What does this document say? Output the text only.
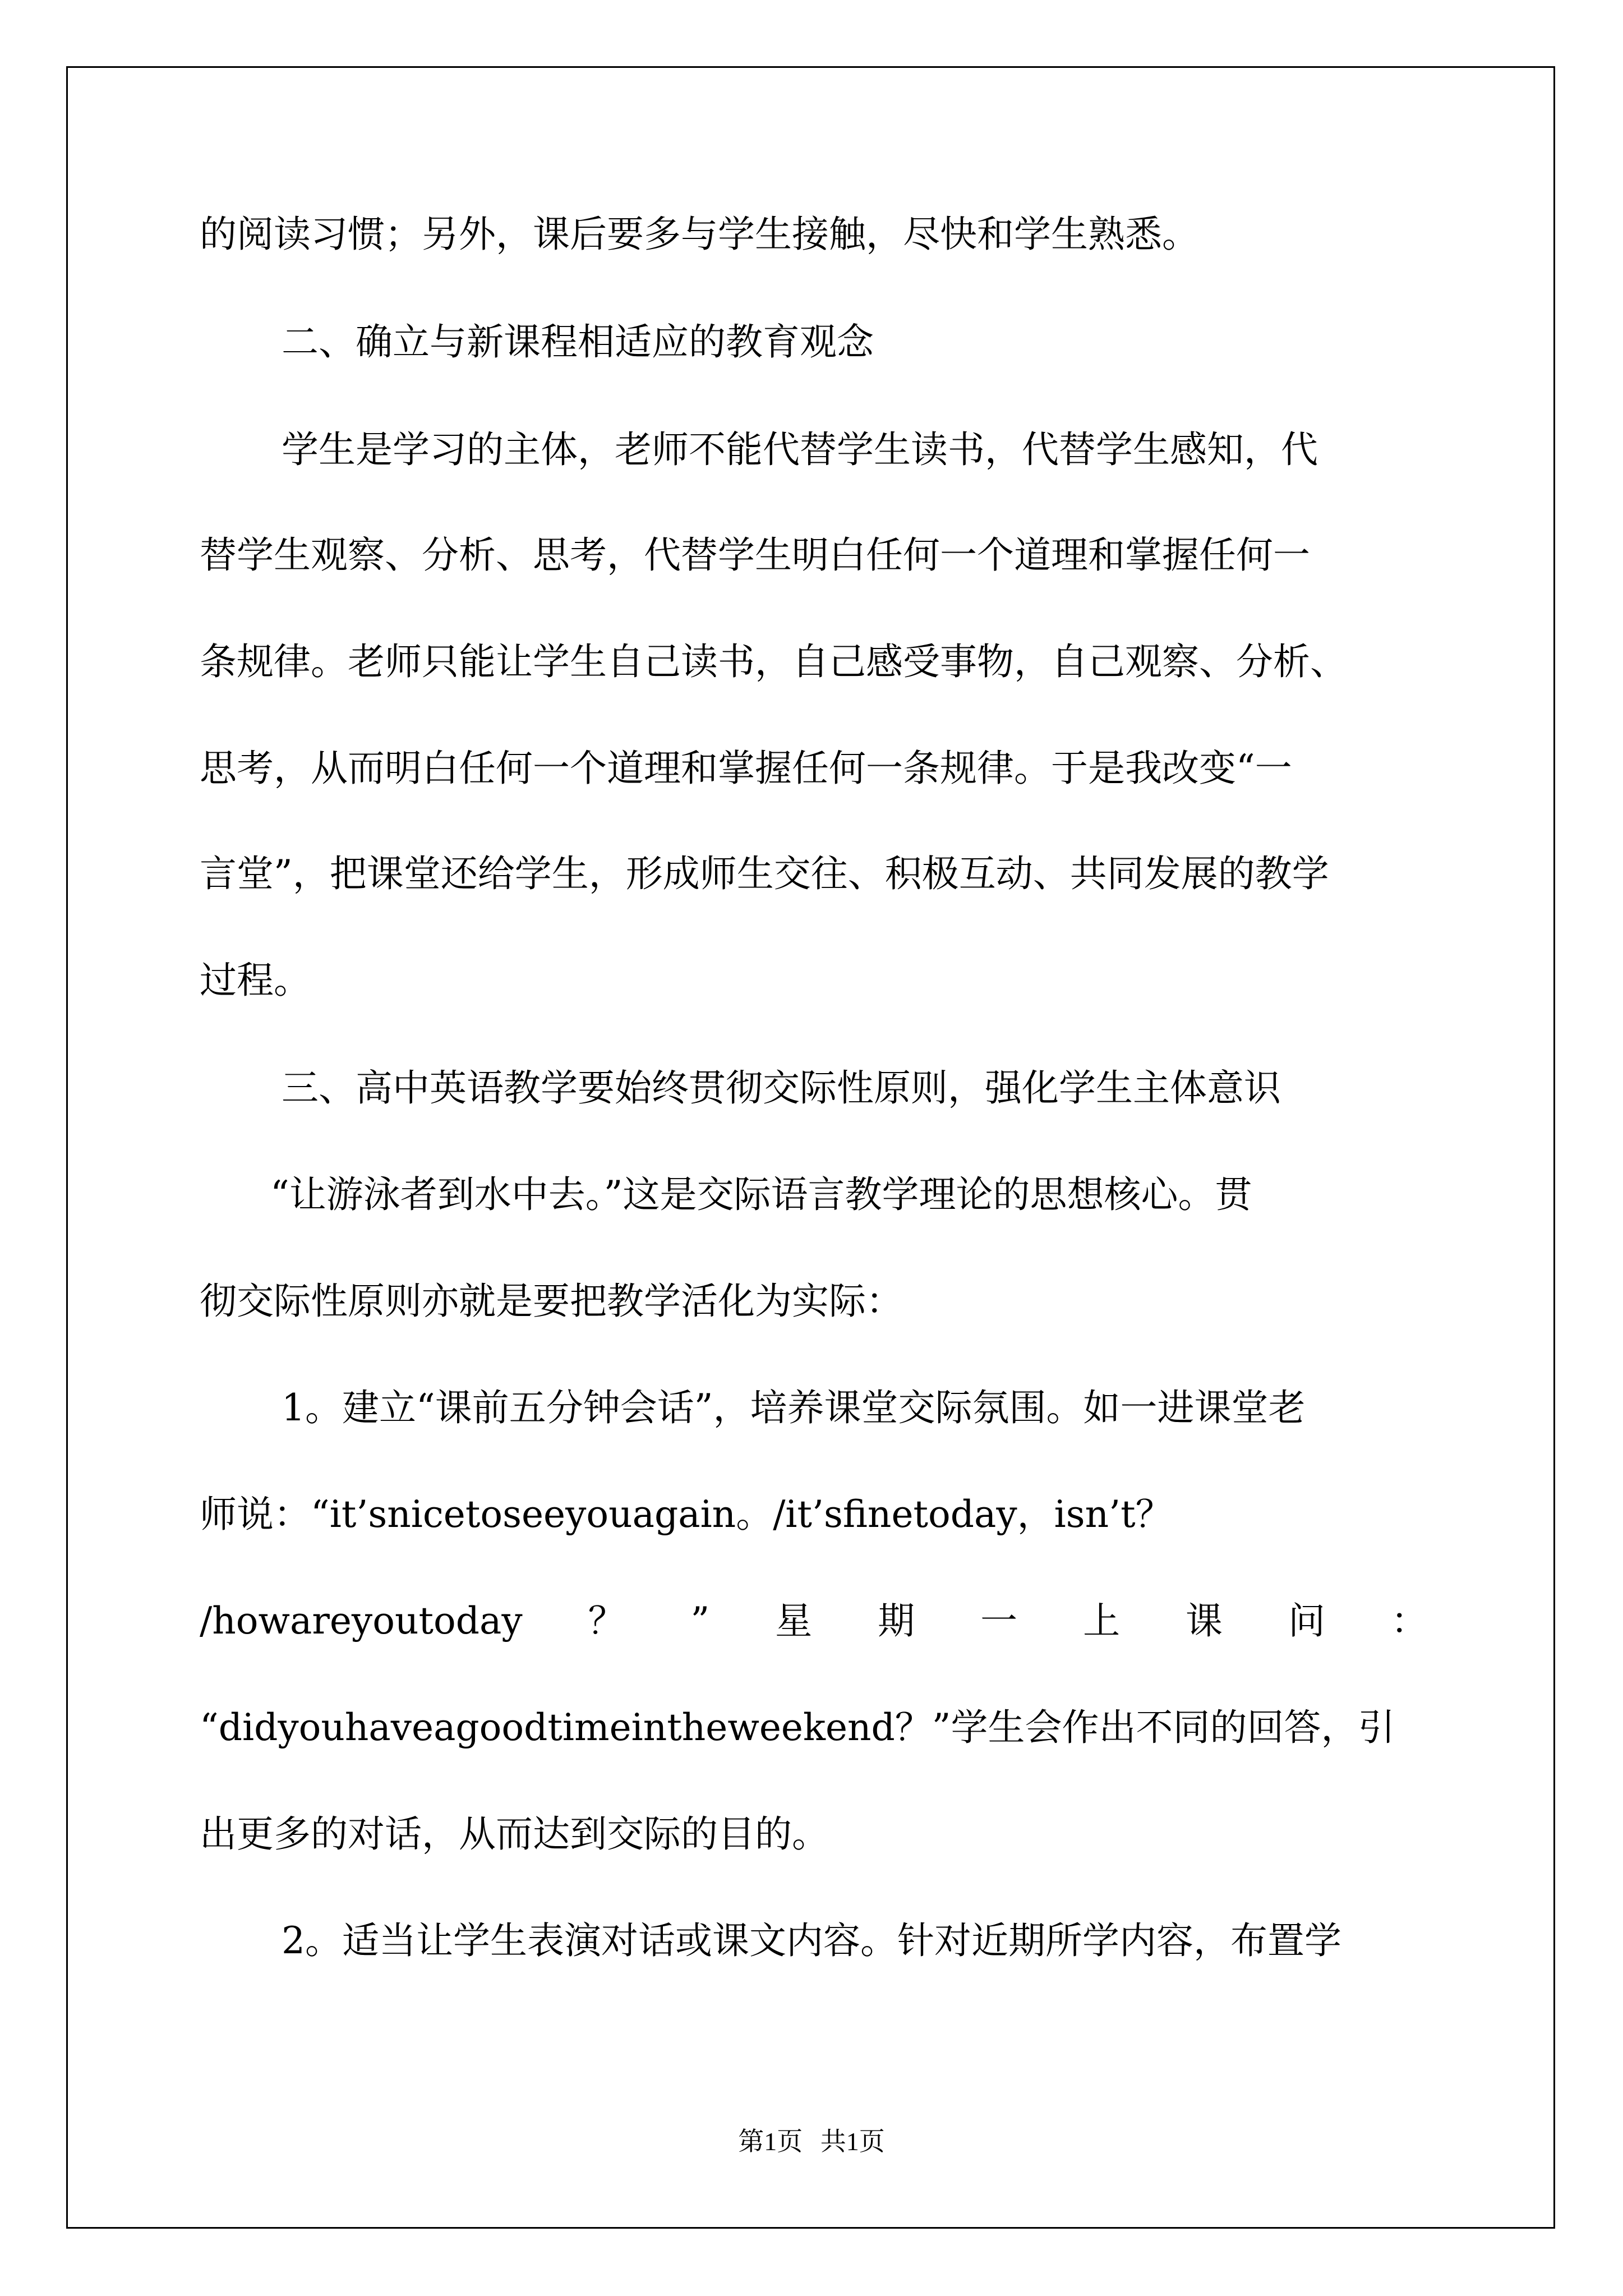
的阅读习惯；另外，课后要多与学生接触，尽快和学生熟悉。
二、确立与新课程相适应的教育观念
学生是学习的主体，老师不能代替学生读书，代替学生感知，代
替学生观察、分析、思考，代替学生明白任何一个道理和掌握任何一
条规律。老师只能让学生自己读书，自己感受事物，自己观察、分析、
思考，从而明白任何一个道理和掌握任何一条规律。于是我改变“一
言堂”，把课堂还给学生，形成师生交往、积极互动、共同发展的教学
过程。
三、高中英语教学要始终贯彻交际性原则，强化学生主体意识
“让游泳者到水中去。”这是交际语言教学理论的思想核心。贯
彻交际性原则亦就是要把教学活化为实际：
1。建立“课前五分钟会话”，培养课堂交际氛围。如一进课堂老
师说：“it’snicetoseeyouagain。/it’sfinetoday，isn’t？
/howareyoutoday ？ ” 星 期 一 上 课 问 ：
“didyouhaveagoodtimeintheweekend？”学生会作出不同的回答，引
出更多的对话，从而达到交际的目的。
2。适当让学生表演对话或课文内容。针对近期所学内容，布置学
第1页 共1页
